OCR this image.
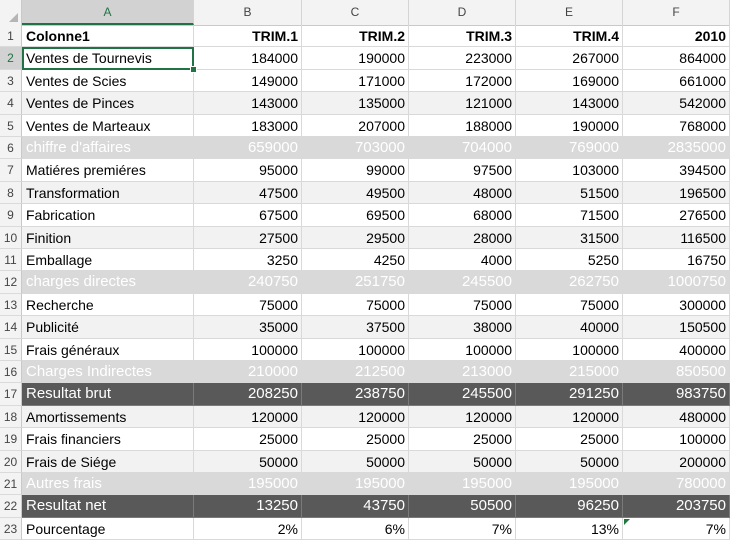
A	B	C	D	E	F
1 Colonne1	TRIM.1	TRIM.2	TRIM.3	TRIM.4	2010
2 Ventes de Tournevis	184000	190000	223000	267000	864000
3 Ventes de Scies	149000	171000	172000	169000	661000
4 Ventes de Pinces	143000	135000	121000	143000	542000
5 Ventes de Marteaux	183000	207000	188000	190000	768000
6 chiffre d'affaires	659000	703000	704000	769000	2835000
7 Matiéres premiéres	95000	99000	97500	103000	394500
8 Transformation	47500	49500	48000	51500	196500
9 Fabrication	67500	69500	68000	71500	276500
10 Finition	27500	29500	28000	31500	116500
11 Emballage	3250	4250	4000	5250	16750
12 charges directes	240750	251750	245500	262750	1000750
13 Recherche	75000	75000	75000	75000	300000
14 Publicité	35000	37500	38000	40000	150500
15 Frais généraux	100000	100000	100000	100000	400000
16 Charges Indirectes	210000	212500	213000	215000	850500
17 Resultat brut	208250	238750	245500	291250	983750
18 Amortissements	120000	120000	120000	120000	480000
19 Frais financiers	25000	25000	25000	25000	100000
20 Frais de Siége	50000	50000	50000	50000	200000
21 Autres frais	195000	195000	195000	195000	780000
22 Resultat net	13250	43750	50500	96250	203750
23 Pourcentage	2%	6%	7%	13%	7%
